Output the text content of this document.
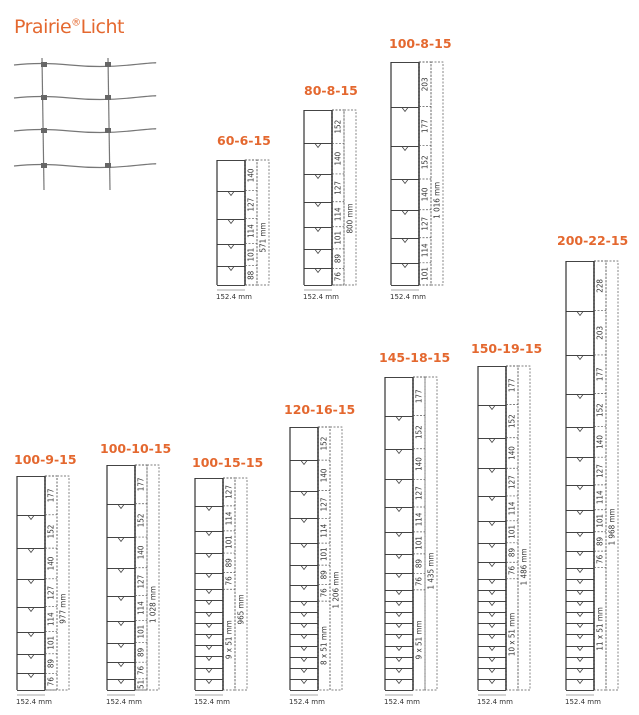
Prairie®Licht
60-6-15
88
101
114
127
140
571 mm
152.4 mm
80-8-15
76
89
101
114
127
140
152
800 mm
152.4 mm
100-8-15
101
114
127
140
152
177
203
1 016 mm
152.4 mm
100-9-15
76
89
101
114
127
140
152
177
977 mm
152.4 mm
100-10-15
51
76
89
101
114
127
140
152
177
1 028 mm
152.4 mm
100-15-15
76
89
101
114
127
9 x 51 mm
965 mm
152.4 mm
120-16-15
76
89
101
114
127
140
152
8 x 51 mm
1 206 mm
152.4 mm
145-18-15
76
89
101
114
127
140
152
177
9 x 51 mm
1 435 mm
152.4 mm
150-19-15
76
89
101
114
127
140
152
177
10 x 51 mm
1 486 mm
152.4 mm
200-22-15
76
89
101
114
127
140
152
177
203
228
11 x 51 mm
1 968 mm
152.4 mm
